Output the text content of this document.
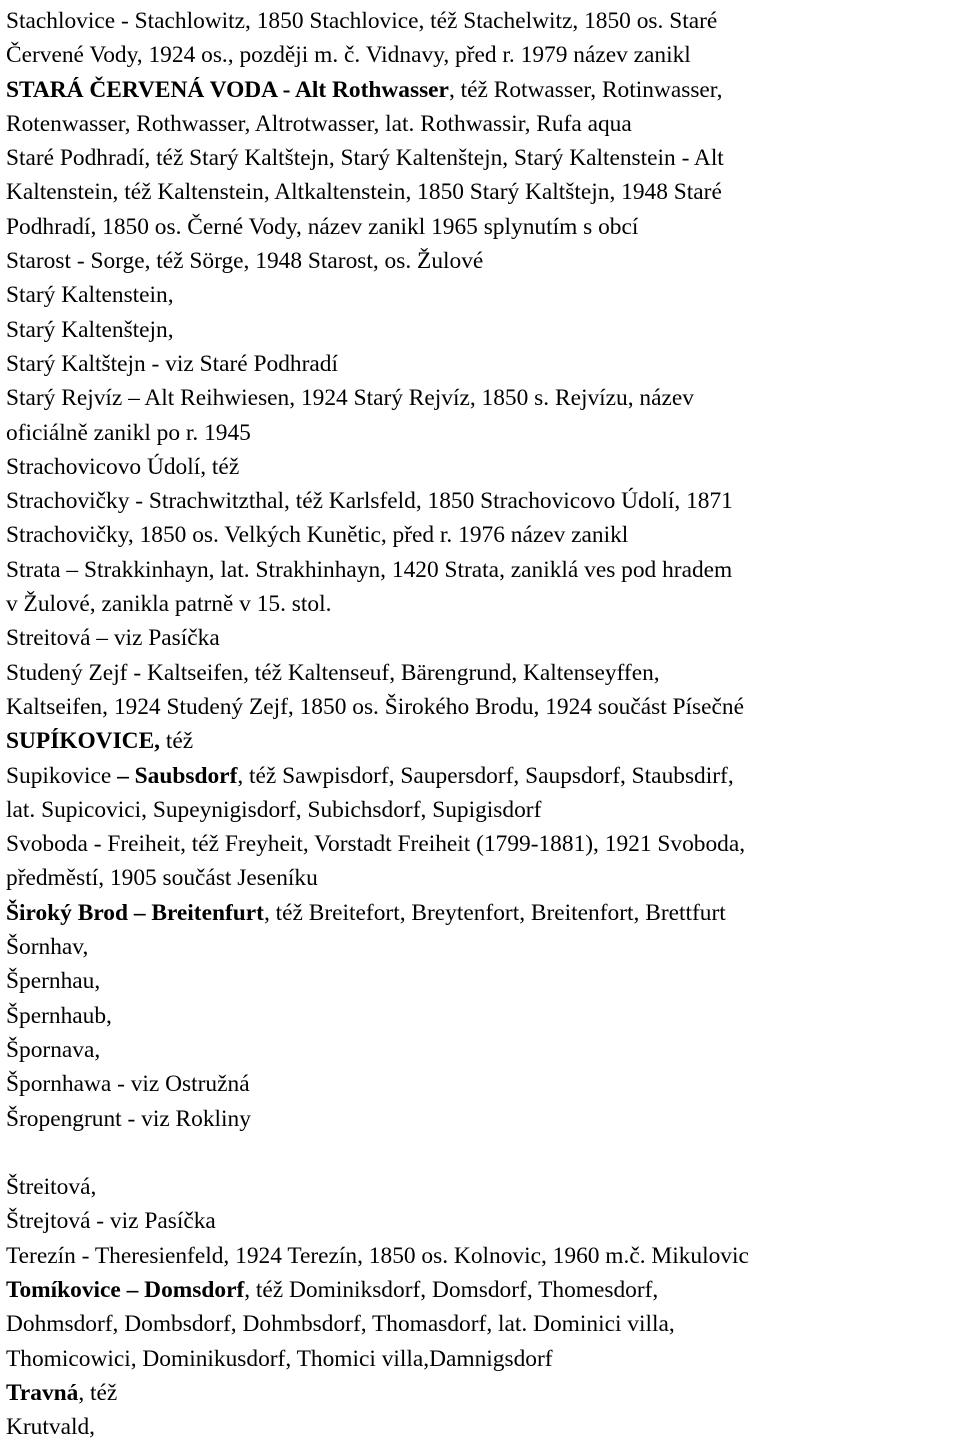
Stachlovice - Stachlowitz, 1850 Stachlovice, též Stachelwitz, 1850 os. Staré
Červené Vody, 1924 os., později m. č. Vidnavy, před r. 1979 název zanikl
STARÁ ČERVENÁ VODA - Alt Rothwasser, též Rotwasser, Rotinwasser,
Rotenwasser, Rothwasser, Altrotwasser, lat. Rothwassir, Rufa aqua
Staré Podhradí, též Starý Kaltštejn, Starý Kaltenštejn, Starý Kaltenstein - Alt
Kaltenstein, též Kaltenstein, Altkaltenstein, 1850 Starý Kaltštejn, 1948 Staré
Podhradí, 1850 os. Černé Vody, název zanikl 1965 splynutím s obcí
Starost - Sorge, též Sörge, 1948 Starost, os. Žulové
Starý Kaltenstein,
Starý Kaltenštejn,
Starý Kaltštejn - viz Staré Podhradí
Starý Rejvíz – Alt Reihwiesen, 1924 Starý Rejvíz, 1850 s. Rejvízu, název
oficiálně zanikl po r. 1945
Strachovicovo Údolí, též
Strachovičky - Strachwitzthal, též Karlsfeld, 1850 Strachovicovo Údolí, 1871
Strachovičky, 1850 os. Velkých Kunětic, před r. 1976 název zanikl
Strata – Strakkinhayn, lat. Strakhinhayn, 1420 Strata, zaniklá ves pod hradem
v Žulové, zanikla patrně v 15. stol.
Streitová – viz Pasíčka
Studený Zejf - Kaltseifen, též Kaltenseuf, Bärengrund, Kaltenseyffen,
Kaltseifen, 1924 Studený Zejf, 1850 os. Širokého Brodu, 1924 součást Písečné
SUPÍKOVICE, též
Supikovice – Saubsdorf, též Sawpisdorf, Saupersdorf, Saupsdorf, Staubsdirf,
lat. Supicovici, Supeynigisdorf, Subichsdorf, Supigisdorf
Svoboda - Freiheit, též Freyheit, Vorstadt Freiheit (1799-1881), 1921 Svoboda,
předměstí, 1905 součást Jeseníku
Široký Brod – Breitenfurt, též Breitefort, Breytenfort, Breitenfort, Brettfurt
Šornhav,
Špernhau,
Špernhaub,
Špornava,
Špornhawa - viz Ostružná
Šropengrunt - viz Rokliny
Štreitová,
Štrejtová - viz Pasíčka
Terezín - Theresienfeld, 1924 Terezín, 1850 os. Kolnovic, 1960 m.č. Mikulovic
Tomíkovice – Domsdorf, též Dominiksdorf, Domsdorf, Thomesdorf,
Dohmsdorf, Dombsdorf, Dohmbsdorf, Thomasdorf, lat. Dominici villa,
Thomicowici, Dominikusdorf, Thomici villa,Damnigsdorf
Travná, též
Krutvald,
